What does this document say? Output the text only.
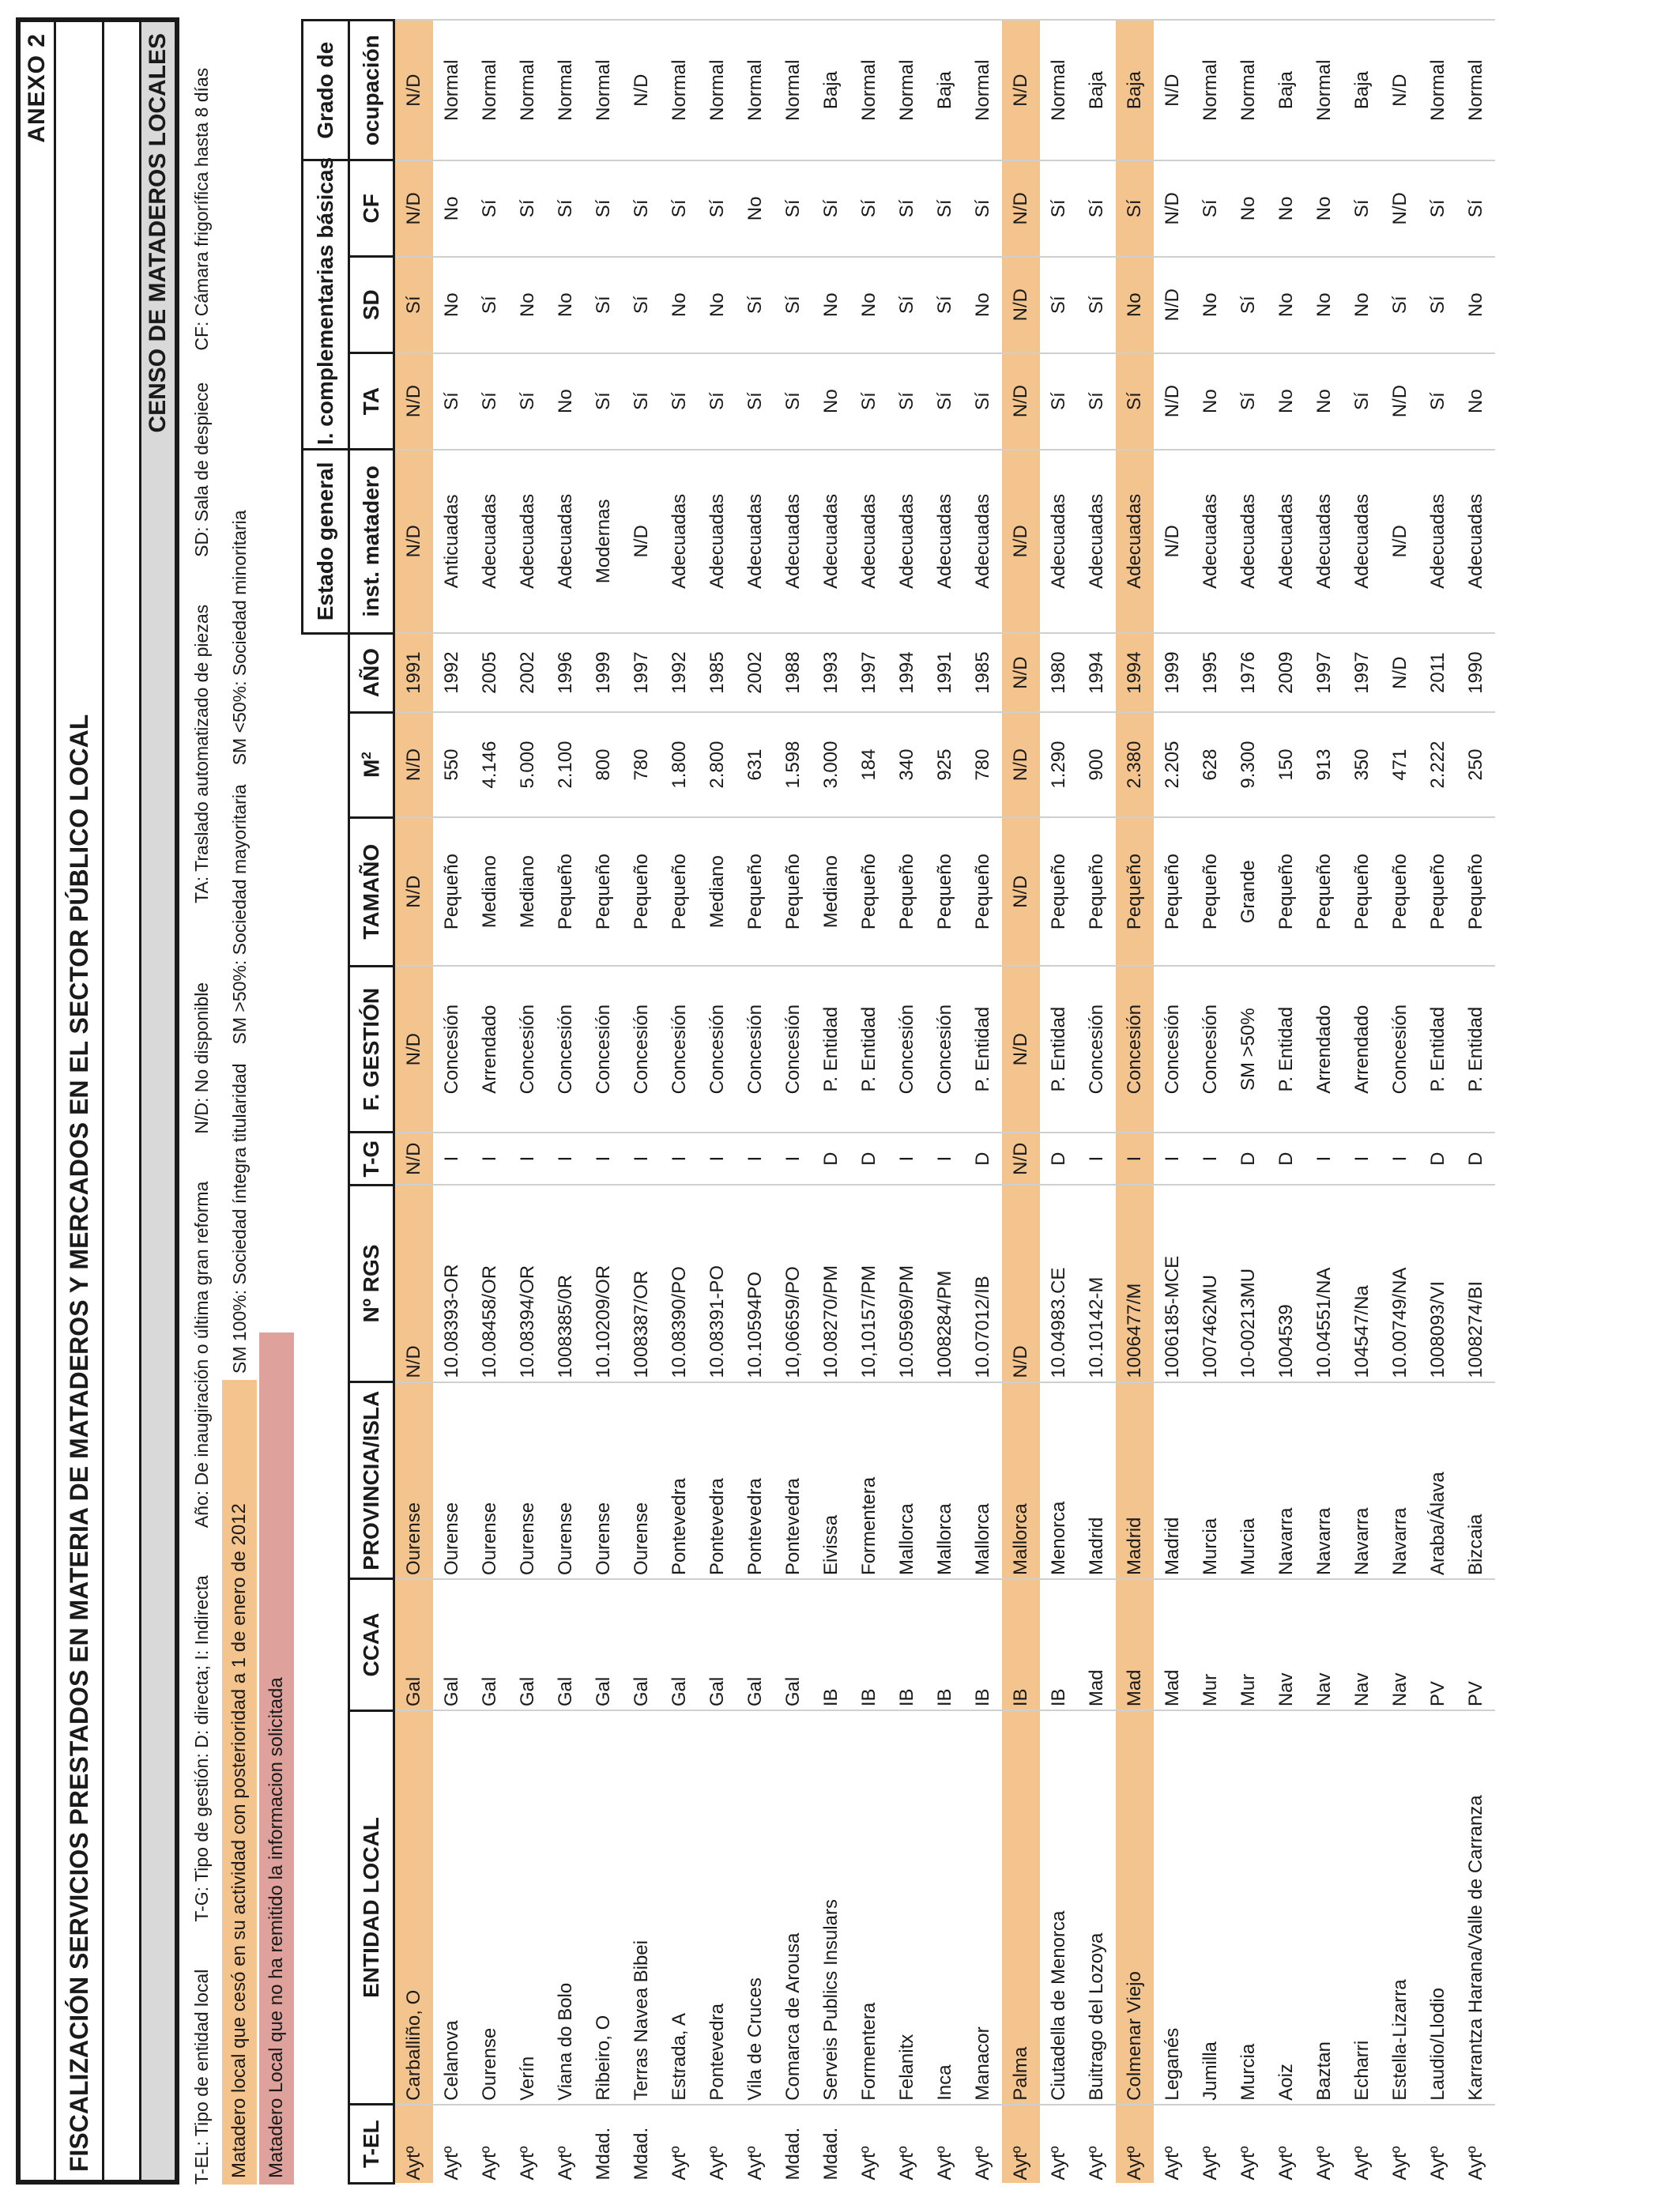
ANEXO 2
FISCALIZACIÓN SERVICIOS PRESTADOS EN MATERIA DE MATADEROS Y MERCADOS EN EL SECTOR PÚBLICO LOCAL
CENSO DE MATADEROS LOCALES
T-EL: Tipo de entidad local
T-G: Tipo de gestión: D: directa; I: Indirecta
Año: De inaugiración o última gran reforma
N/D: No disponible
TA: Traslado automatizado de piezas
SD: Sala de despiece
CF: Cámara frigorífica hasta 8 días
Matadero local que cesó en su actividad con posterioridad a 1 de enero de 2012
SM 100%: Sociedad íntegra titularidad
SM >50%: Sociedad mayoritaria
SM <50%: Sociedad minoritaria
Matadero Local que no ha remitido la informacion solicitada
										Estado general	I. complementarias básicas			Grado de
T-EL	ENTIDAD LOCAL	CCAA	PROVINCIA/ISLA	Nº RGS	T-G	F. GESTIÓN	TAMAÑO	$M^2$	AÑO	inst. matadero	TA	SD	CF	ocupación
Aytº	Carballiño, O	Gal	Ourense	N/D	N/D	N/D	N/D	N/D	1991	N/D	N/D	Sí	N/D	N/D
Aytº	Celanova	Gal	Ourense	10.08393-OR	I	Concesión	Pequeño	550	1992	Anticuadas	Sí	No	No	Normal
Aytº	Ourense	Gal	Ourense	10.08458/OR	I	Arrendado	Mediano	4.146	2005	Adecuadas	Sí	Sí	Sí	Normal
Aytº	Verín	Gal	Ourense	10.08394/OR	I	Concesión	Mediano	5.000	2002	Adecuadas	Sí	No	Sí	Normal
Aytº	Viana do Bolo	Gal	Ourense	1008385/0R	I	Concesión	Pequeño	2.100	1996	Adecuadas	No	No	Sí	Normal
Mdad.	Ribeiro, O	Gal	Ourense	10.10209/OR	I	Concesión	Pequeño	800	1999	Modernas	Sí	Sí	Sí	Normal
Mdad.	Terras Navea Bibei	Gal	Ourense	1008387/OR	I	Concesión	Pequeño	780	1997	N/D	Sí	Sí	Sí	N/D
Aytº	Estrada, A	Gal	Pontevedra	10.08390/PO	I	Concesión	Pequeño	1.800	1992	Adecuadas	Sí	No	Sí	Normal
Aytº	Pontevedra	Gal	Pontevedra	10.08391-PO	I	Concesión	Mediano	2.800	1985	Adecuadas	Sí	No	Sí	Normal
Aytº	Vila de Cruces	Gal	Pontevedra	10.10594PO	I	Concesión	Pequeño	631	2002	Adecuadas	Sí	Sí	No	Normal
Mdad.	Comarca de Arousa	Gal	Pontevedra	10,06659/PO	I	Concesión	Pequeño	1.598	1988	Adecuadas	Sí	Sí	Sí	Normal
Mdad.	Serveis Publics Insulars	IB	Eivissa	10.08270/PM	D	P. Entidad	Mediano	3.000	1993	Adecuadas	No	No	Sí	Baja
Aytº	Formentera	IB	Formentera	10,10157/PM	D	P. Entidad	Pequeño	184	1997	Adecuadas	Sí	No	Sí	Normal
Aytº	Felanitx	IB	Mallorca	10.05969/PM	I	Concesión	Pequeño	340	1994	Adecuadas	Sí	Sí	Sí	Normal
Aytº	Inca	IB	Mallorca	1008284/PM	I	Concesión	Pequeño	925	1991	Adecuadas	Sí	Sí	Sí	Baja
Aytº	Manacor	IB	Mallorca	10.07012/IB	D	P. Entidad	Pequeño	780	1985	Adecuadas	Sí	No	Sí	Normal
Aytº	Palma	IB	Mallorca	N/D	N/D	N/D	N/D	N/D	N/D	N/D	N/D	N/D	N/D	N/D
Aytº	Ciutadella de Menorca	IB	Menorca	10.04983.CE	D	P. Entidad	Pequeño	1.290	1980	Adecuadas	Sí	Sí	Sí	Normal
Aytº	Buitrago del Lozoya	Mad	Madrid	10.10142-M	I	Concesión	Pequeño	900	1994	Adecuadas	Sí	Sí	Sí	Baja
Aytº	Colmenar Viejo	Mad	Madrid	1006477/M	I	Concesión	Pequeño	2.380	1994	Adecuadas	Sí	No	Sí	Baja
Aytº	Leganés	Mad	Madrid	1006185-MCE	I	Concesión	Pequeño	2.205	1999	N/D	N/D	N/D	N/D	N/D
Aytº	Jumilla	Mur	Murcia	1007462MU	I	Concesión	Pequeño	628	1995	Adecuadas	No	No	Sí	Normal
Aytº	Murcia	Mur	Murcia	10-00213MU	D	SM >50%	Grande	9.300	1976	Adecuadas	Sí	Sí	No	Normal
Aytº	Aoiz	Nav	Navarra	1004539	D	P. Entidad	Pequeño	150	2009	Adecuadas	No	No	No	Baja
Aytº	Baztan	Nav	Navarra	10.04551/NA	I	Arrendado	Pequeño	913	1997	Adecuadas	No	No	No	Normal
Aytº	Echarri	Nav	Navarra	104547/Na	I	Arrendado	Pequeño	350	1997	Adecuadas	Sí	No	Sí	Baja
Aytº	Estella-Lizarra	Nav	Navarra	10.00749/NA	I	Concesión	Pequeño	471	N/D	N/D	N/D	Sí	N/D	N/D
Aytº	Laudio/Llodio	PV	Araba/Álava	1008093/VI	D	P. Entidad	Pequeño	2.222	2011	Adecuadas	Sí	Sí	Sí	Normal
Aytº	Karrantza Harana/Valle de Carranza	PV	Bizcaia	1008274/BI	D	P. Entidad	Pequeño	250	1990	Adecuadas	No	No	Sí	Normal
